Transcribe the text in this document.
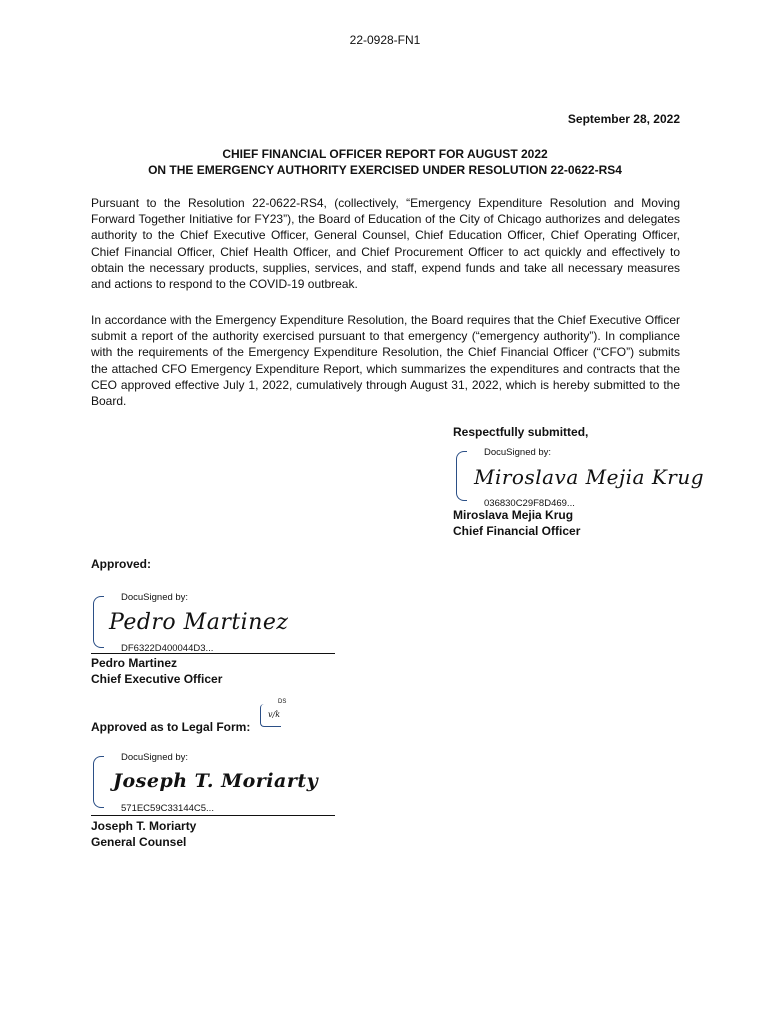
22-0928-FN1
September 28, 2022
CHIEF FINANCIAL OFFICER REPORT FOR AUGUST 2022
ON THE EMERGENCY AUTHORITY EXERCISED UNDER RESOLUTION 22-0622-RS4

Pursuant to the Resolution 22-0622-RS4, (collectively, “Emergency Expenditure Resolution and Moving Forward Together Initiative for FY23”), the Board of Education of the City of Chicago authorizes and delegates authority to the Chief Executive Officer, General Counsel, Chief Education Officer, Chief Operating Officer, Chief Financial Officer, Chief Health Officer, and Chief Procurement Officer to act quickly and effectively to obtain the necessary products, supplies, services, and staff, expend funds and take all necessary measures and actions to respond to the COVID-19 outbreak.

In accordance with the Emergency Expenditure Resolution, the Board requires that the Chief Executive Officer submit a report of the authority exercised pursuant to that emergency (“emergency authority”). In compliance with the requirements of the Emergency Expenditure Resolution, the Chief Financial Officer (“CFO”) submits the attached CFO Emergency Expenditure Report, which summarizes the expenditures and contracts that the CEO approved effective July 1, 2022, cumulatively through August 31, 2022, which is hereby submitted to the Board.

Respectfully submitted,
DocuSigned by:
Miroslava Mejia Krug
036830C29F8D469...
Miroslava Mejia Krug
Chief Financial Officer
Approved:
DocuSigned by:
Pedro Martinez
DF6322D400044D3...
Pedro Martinez
Chief Executive Officer
Approved as to Legal Form:
DS
v/k
DocuSigned by:
Joseph T. Moriarty
571EC59C33144C5...
Joseph T. Moriarty
General Counsel
